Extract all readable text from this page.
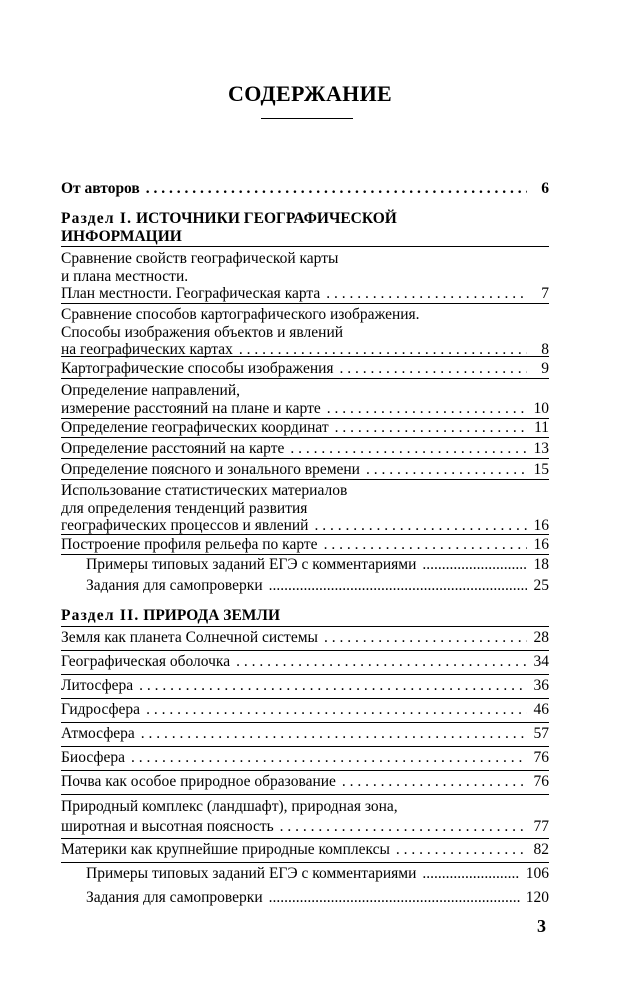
СОДЕРЖАНИЕ
От авторов . . .	6
Раздел I. ИСТОЧНИКИ ГЕОГРАФИЧЕСКОЙ
ИНФОРМАЦИИ
Сравнение свойств географической карты
и плана местности.
План местности. Географическая карта . . .	7
Сравнение способов картографического изображения.
Способы изображения объектов и явлений
на географических картах . . .	8
Картографические способы изображения . . .	9
Определение направлений,
измерение расстояний на плане и карте . . .	10
Определение географических координат . . .	11
Определение расстояний на карте . . .	13
Определение поясного и зонального времени . . .	15
Использование статистических материалов
для определения тенденций развития
географических процессов и явлений . . .	16
Построение профиля рельефа по карте . . .	16
Примеры типовых заданий ЕГЭ с комментариями .....	18
Задания для самопроверки .....	25
Раздел II. ПРИРОДА ЗЕМЛИ
Земля как планета Солнечной системы . . .	28
Географическая оболочка . . .	34
Литосфера . . .	36
Гидросфера . . .	46
Атмосфера . . .	57
Биосфера . . .	76
Почва как особое природное образование . . .	76
Природный комплекс (ландшафт), природная зона,
широтная и высотная поясность . . .	77
Материки как крупнейшие природные комплексы . . .	82
Примеры типовых заданий ЕГЭ с комментариями .....	106
Задания для самопроверки .....	120
3
